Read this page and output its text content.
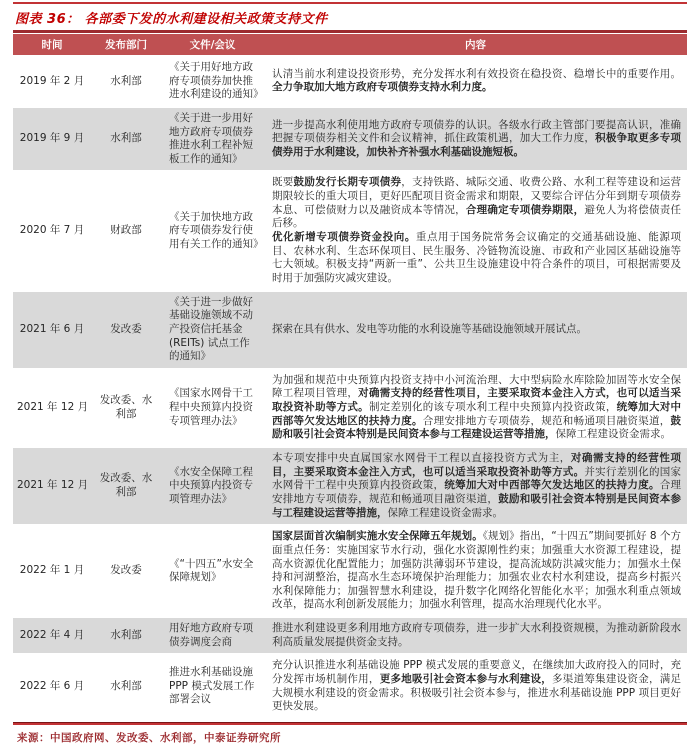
图表 36： 各部委下发的水利建设相关政策支持文件
时间	发布部门	文件/会议	内容
2019 年 2 月	水利部	《关于用好地方政府专项债券加快推进水利建设的通知》	认清当前水利建设投资形势，充分发挥水利有效投资在稳投资、稳增长中的重要作用。全力争取加大地方政府专项债券支持水利力度。
2019 年 9 月	水利部	《关于进一步用好地方政府专项债券推进水利工程补短板工作的通知》	进一步提高水利使用地方政府专项债券的认识。各级水行政主管部门要提高认识，准确把握专项债券相关文件和会议精神，抓住政策机遇，加大工作力度，积极争取更多专项债券用于水利建设，加快补齐补强水利基础设施短板。
2020 年 7 月	财政部	《关于加快地方政府专项债券发行使用有关工作的通知》	既要鼓励发行长期专项债券，支持铁路、城际交通、收费公路、水利工程等建设和运营期限较长的重大项目，更好匹配项目资金需求和期限，又要综合评估分年到期专项债券本息、可偿债财力以及融资成本等情况，合理确定专项债券期限，避免人为将偿债责任后移。
优化新增专项债券资金投向。重点用于国务院常务会议确定的交通基础设施、能源项目、农林水利、生态环保项目、民生服务、冷链物流设施、市政和产业园区基础设施等七大领域。积极支持“两新一重”、公共卫生设施建设中符合条件的项目，可根据需要及时用于加强防灾减灾建设。
2021 年 6 月	发改委	《关于进一步做好基础设施领域不动产投资信托基金 (REITs) 试点工作的通知》	探索在具有供水、发电等功能的水利设施等基础设施领域开展试点。
2021 年 12 月	发改委、水利部	《国家水网骨干工程中央预算内投资专项管理办法》	为加强和规范中央预算内投资支持中小河流治理、大中型病险水库除险加固等水安全保障工程项目管理，对确需支持的经营性项目，主要采取资本金注入方式，也可以适当采取投资补助等方式。制定差别化的该专项水利工程中央预算内投资政策，统筹加大对中西部等欠发达地区的扶持力度。合理安排地方专项债券，规范和畅通项目融资渠道，鼓励和吸引社会资本特别是民间资本参与工程建设运营等措施，保障工程建设资金需求。
2021 年 12 月	发改委、水利部	《水安全保障工程中央预算内投资专项管理办法》	本专项安排中央直属国家水网骨干工程以直接投资方式为主，对确需支持的经营性项目，主要采取资本金注入方式，也可以适当采取投资补助等方式。并实行差别化的国家水网骨干工程中央预算内投资政策，统筹加大对中西部等欠发达地区的扶持力度。合理安排地方专项债券，规范和畅通项目融资渠道，鼓励和吸引社会资本特别是民间资本参与工程建设运营等措施，保障工程建设资金需求。
2022 年 1 月	发改委	《“十四五”水安全保障规划》	国家层面首次编制实施水安全保障五年规划。《规划》指出，“十四五”期间要抓好 8 个方面重点任务：实施国家节水行动，强化水资源刚性约束；加强重大水资源工程建设，提高水资源优化配置能力；加强防洪薄弱环节建设，提高流域防洪减灾能力；加强水土保持和河湖整治，提高水生态环境保护治理能力；加强农业农村水利建设，提高乡村振兴水利保障能力；加强智慧水利建设，提升数字化网络化智能化水平；加强水利重点领域改革，提高水利创新发展能力；加强水利管理，提高水治理现代化水平。
2022 年 4 月	水利部	用好地方政府专项债券调度会商	推进水利建设更多利用地方政府专项债券，进一步扩大水利投资规模，为推动新阶段水利高质量发展提供资金支持。
2022 年 6 月	水利部	推进水利基础设施 PPP 模式发展工作部署会议	充分认识推进水利基础设施 PPP 模式发展的重要意义，在继续加大政府投入的同时，充分发挥市场机制作用，更多地吸引社会资本参与水利建设，多渠道筹集建设资金，满足大规模水利建设的资金需求。积极吸引社会资本参与，推进水利基础设施 PPP 项目更好更快发展。
来源：中国政府网、发改委、水利部，中泰证券研究所
